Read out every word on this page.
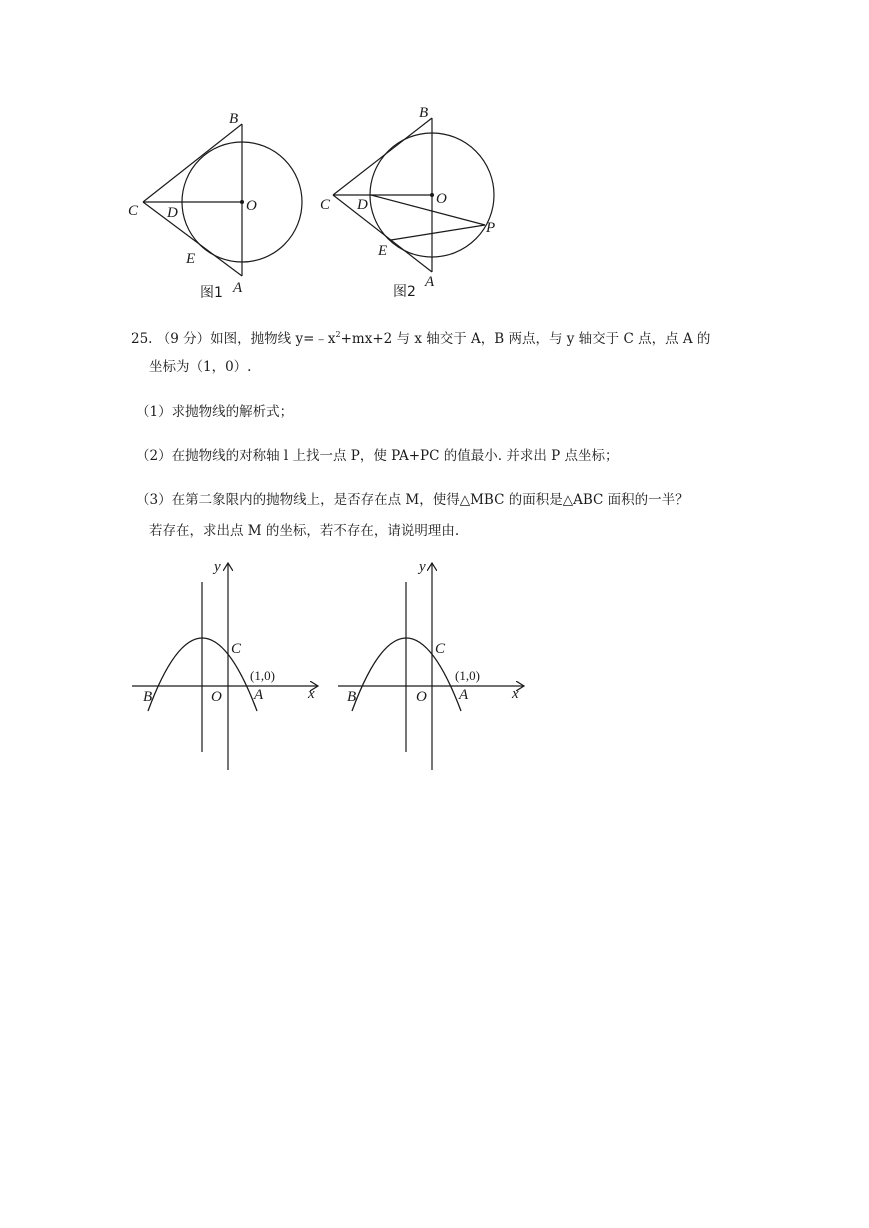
B
C D	O
E
A
图1
B
C D	O
E
P
A
图2
25. （9 分）如图，抛物线 $y=﹣x^2+mx+2$ 与 x 轴交于 A，B 两点，与 y 轴交于 C 点，点 A 的
坐标为（1，0）.
（1）求抛物线的解析式；
（2）在抛物线的对称轴 l 上找一点 P，使 PA+PC 的值最小. 并求出 P 点坐标；
（3）在第二象限内的抛物线上，是否存在点 M，使得△MBC 的面积是△ABC 面积的一半？
若存在，求出点 M 的坐标，若不存在，请说明理由.
y
x
C
(1,0)
B	O A
y
x
C
(1,0)
B	O A
